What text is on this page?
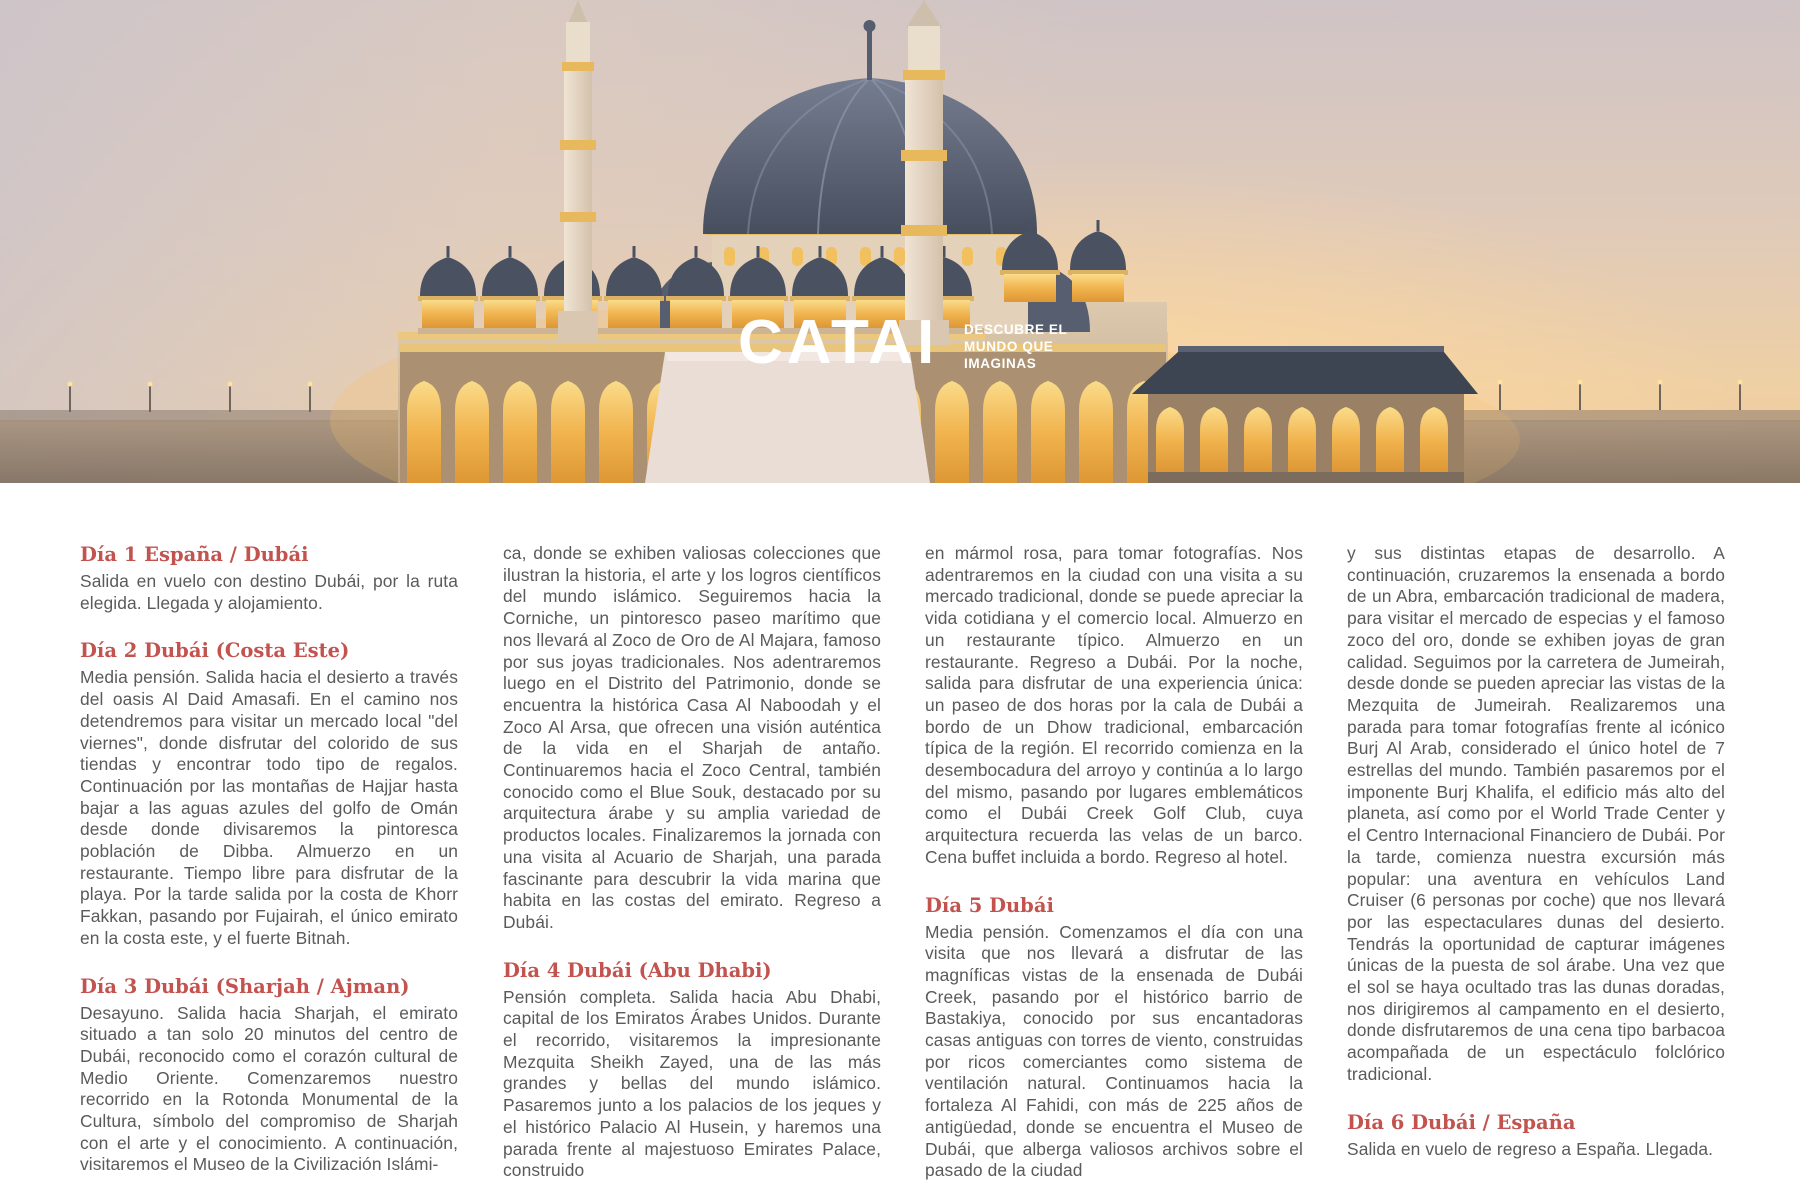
CATAI DESCUBRE EL
MUNDO QUE
IMAGINAS
Día 1 España / Dubái
Salida en vuelo con destino Dubái, por la ruta elegida. Llegada y alojamiento.
Día 2 Dubái (Costa Este)
Media pensión. Salida hacia el desierto a través del oasis Al Daid Amasafi. En el camino nos detendremos para visitar un mercado local "del viernes", donde disfrutar del colorido de sus tiendas y encontrar todo tipo de regalos. Continuación por las montañas de Hajjar hasta bajar a las aguas azules del golfo de Omán desde donde divisaremos la pintoresca población de Dibba. Almuerzo en un restaurante. Tiempo libre para disfrutar de la playa. Por la tarde salida por la costa de Khorr Fakkan, pasando por Fujairah, el único emirato en la costa este, y el fuerte Bitnah.
Día 3 Dubái (Sharjah / Ajman)
Desayuno. Salida hacia Sharjah, el emirato situado a tan solo 20 minutos del centro de Dubái, reconocido como el corazón cultural de Medio Oriente. Comenzaremos nuestro recorrido en la Rotonda Monumental de la Cultura, símbolo del compromiso de Sharjah con el arte y el conocimiento. A continuación, visitaremos el Museo de la Civilización Islámi-
ca, donde se exhiben valiosas colecciones que ilustran la historia, el arte y los logros científicos del mundo islámico. Seguiremos hacia la Corniche, un pintoresco paseo marítimo que nos llevará al Zoco de Oro de Al Majara, famoso por sus joyas tradicionales. Nos adentraremos luego en el Distrito del Patrimonio, donde se encuentra la histórica Casa Al Naboodah y el Zoco Al Arsa, que ofrecen una visión auténtica de la vida en el Sharjah de antaño. Continuaremos hacia el Zoco Central, también conocido como el Blue Souk, destacado por su arquitectura árabe y su amplia variedad de productos locales. Finalizaremos la jornada con una visita al Acuario de Sharjah, una parada fascinante para descubrir la vida marina que habita en las costas del emirato. Regreso a Dubái.
Día 4 Dubái (Abu Dhabi)
Pensión completa. Salida hacia Abu Dhabi, capital de los Emiratos Árabes Unidos. Durante el recorrido, visitaremos la impresionante Mezquita Sheikh Zayed, una de las más grandes y bellas del mundo islámico. Pasaremos junto a los palacios de los jeques y el histórico Palacio Al Husein, y haremos una parada frente al majestuoso Emirates Palace, construido
en mármol rosa, para tomar fotografías. Nos adentraremos en la ciudad con una visita a su mercado tradicional, donde se puede apreciar la vida cotidiana y el comercio local. Almuerzo en un restaurante típico. Almuerzo en un restaurante. Regreso a Dubái. Por la noche, salida para disfrutar de una experiencia única: un paseo de dos horas por la cala de Dubái a bordo de un Dhow tradicional, embarcación típica de la región. El recorrido comienza en la desembocadura del arroyo y continúa a lo largo del mismo, pasando por lugares emblemáticos como el Dubái Creek Golf Club, cuya arquitectura recuerda las velas de un barco. Cena buffet incluida a bordo. Regreso al hotel.
Día 5 Dubái
Media pensión. Comenzamos el día con una visita que nos llevará a disfrutar de las magníficas vistas de la ensenada de Dubái Creek, pasando por el histórico barrio de Bastakiya, conocido por sus encantadoras casas antiguas con torres de viento, construidas por ricos comerciantes como sistema de ventilación natural. Continuamos hacia la fortaleza Al Fahidi, con más de 225 años de antigüedad, donde se encuentra el Museo de Dubái, que alberga valiosos archivos sobre el pasado de la ciudad
y sus distintas etapas de desarrollo. A continuación, cruzaremos la ensenada a bordo de un Abra, embarcación tradicional de madera, para visitar el mercado de especias y el famoso zoco del oro, donde se exhiben joyas de gran calidad. Seguimos por la carretera de Jumeirah, desde donde se pueden apreciar las vistas de la Mezquita de Jumeirah. Realizaremos una parada para tomar fotografías frente al icónico Burj Al Arab, considerado el único hotel de 7 estrellas del mundo. También pasaremos por el imponente Burj Khalifa, el edificio más alto del planeta, así como por el World Trade Center y el Centro Internacional Financiero de Dubái. Por la tarde, comienza nuestra excursión más popular: una aventura en vehículos Land Cruiser (6 personas por coche) que nos llevará por las espectaculares dunas del desierto. Tendrás la oportunidad de capturar imágenes únicas de la puesta de sol árabe. Una vez que el sol se haya ocultado tras las dunas doradas, nos dirigiremos al campamento en el desierto, donde disfrutaremos de una cena tipo barbacoa acompañada de un espectáculo folclórico tradicional.
Día 6 Dubái / España
Salida en vuelo de regreso a España. Llegada.
